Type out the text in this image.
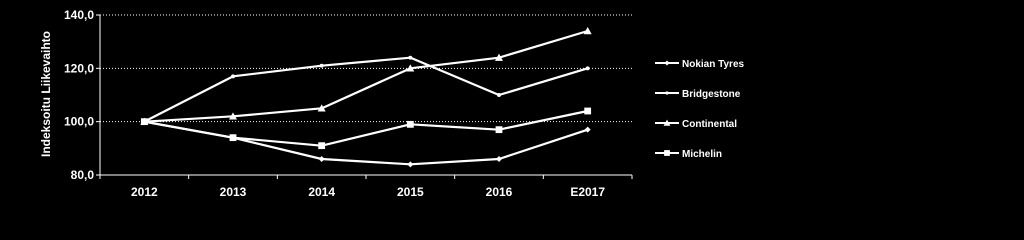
80,0
100,0
120,0
140,0
2012	2013	2014	2015	2016	E2017
Nokian Tyres
Bridgestone
Continental
Michelin
Indeksoitu Liikevaihto
